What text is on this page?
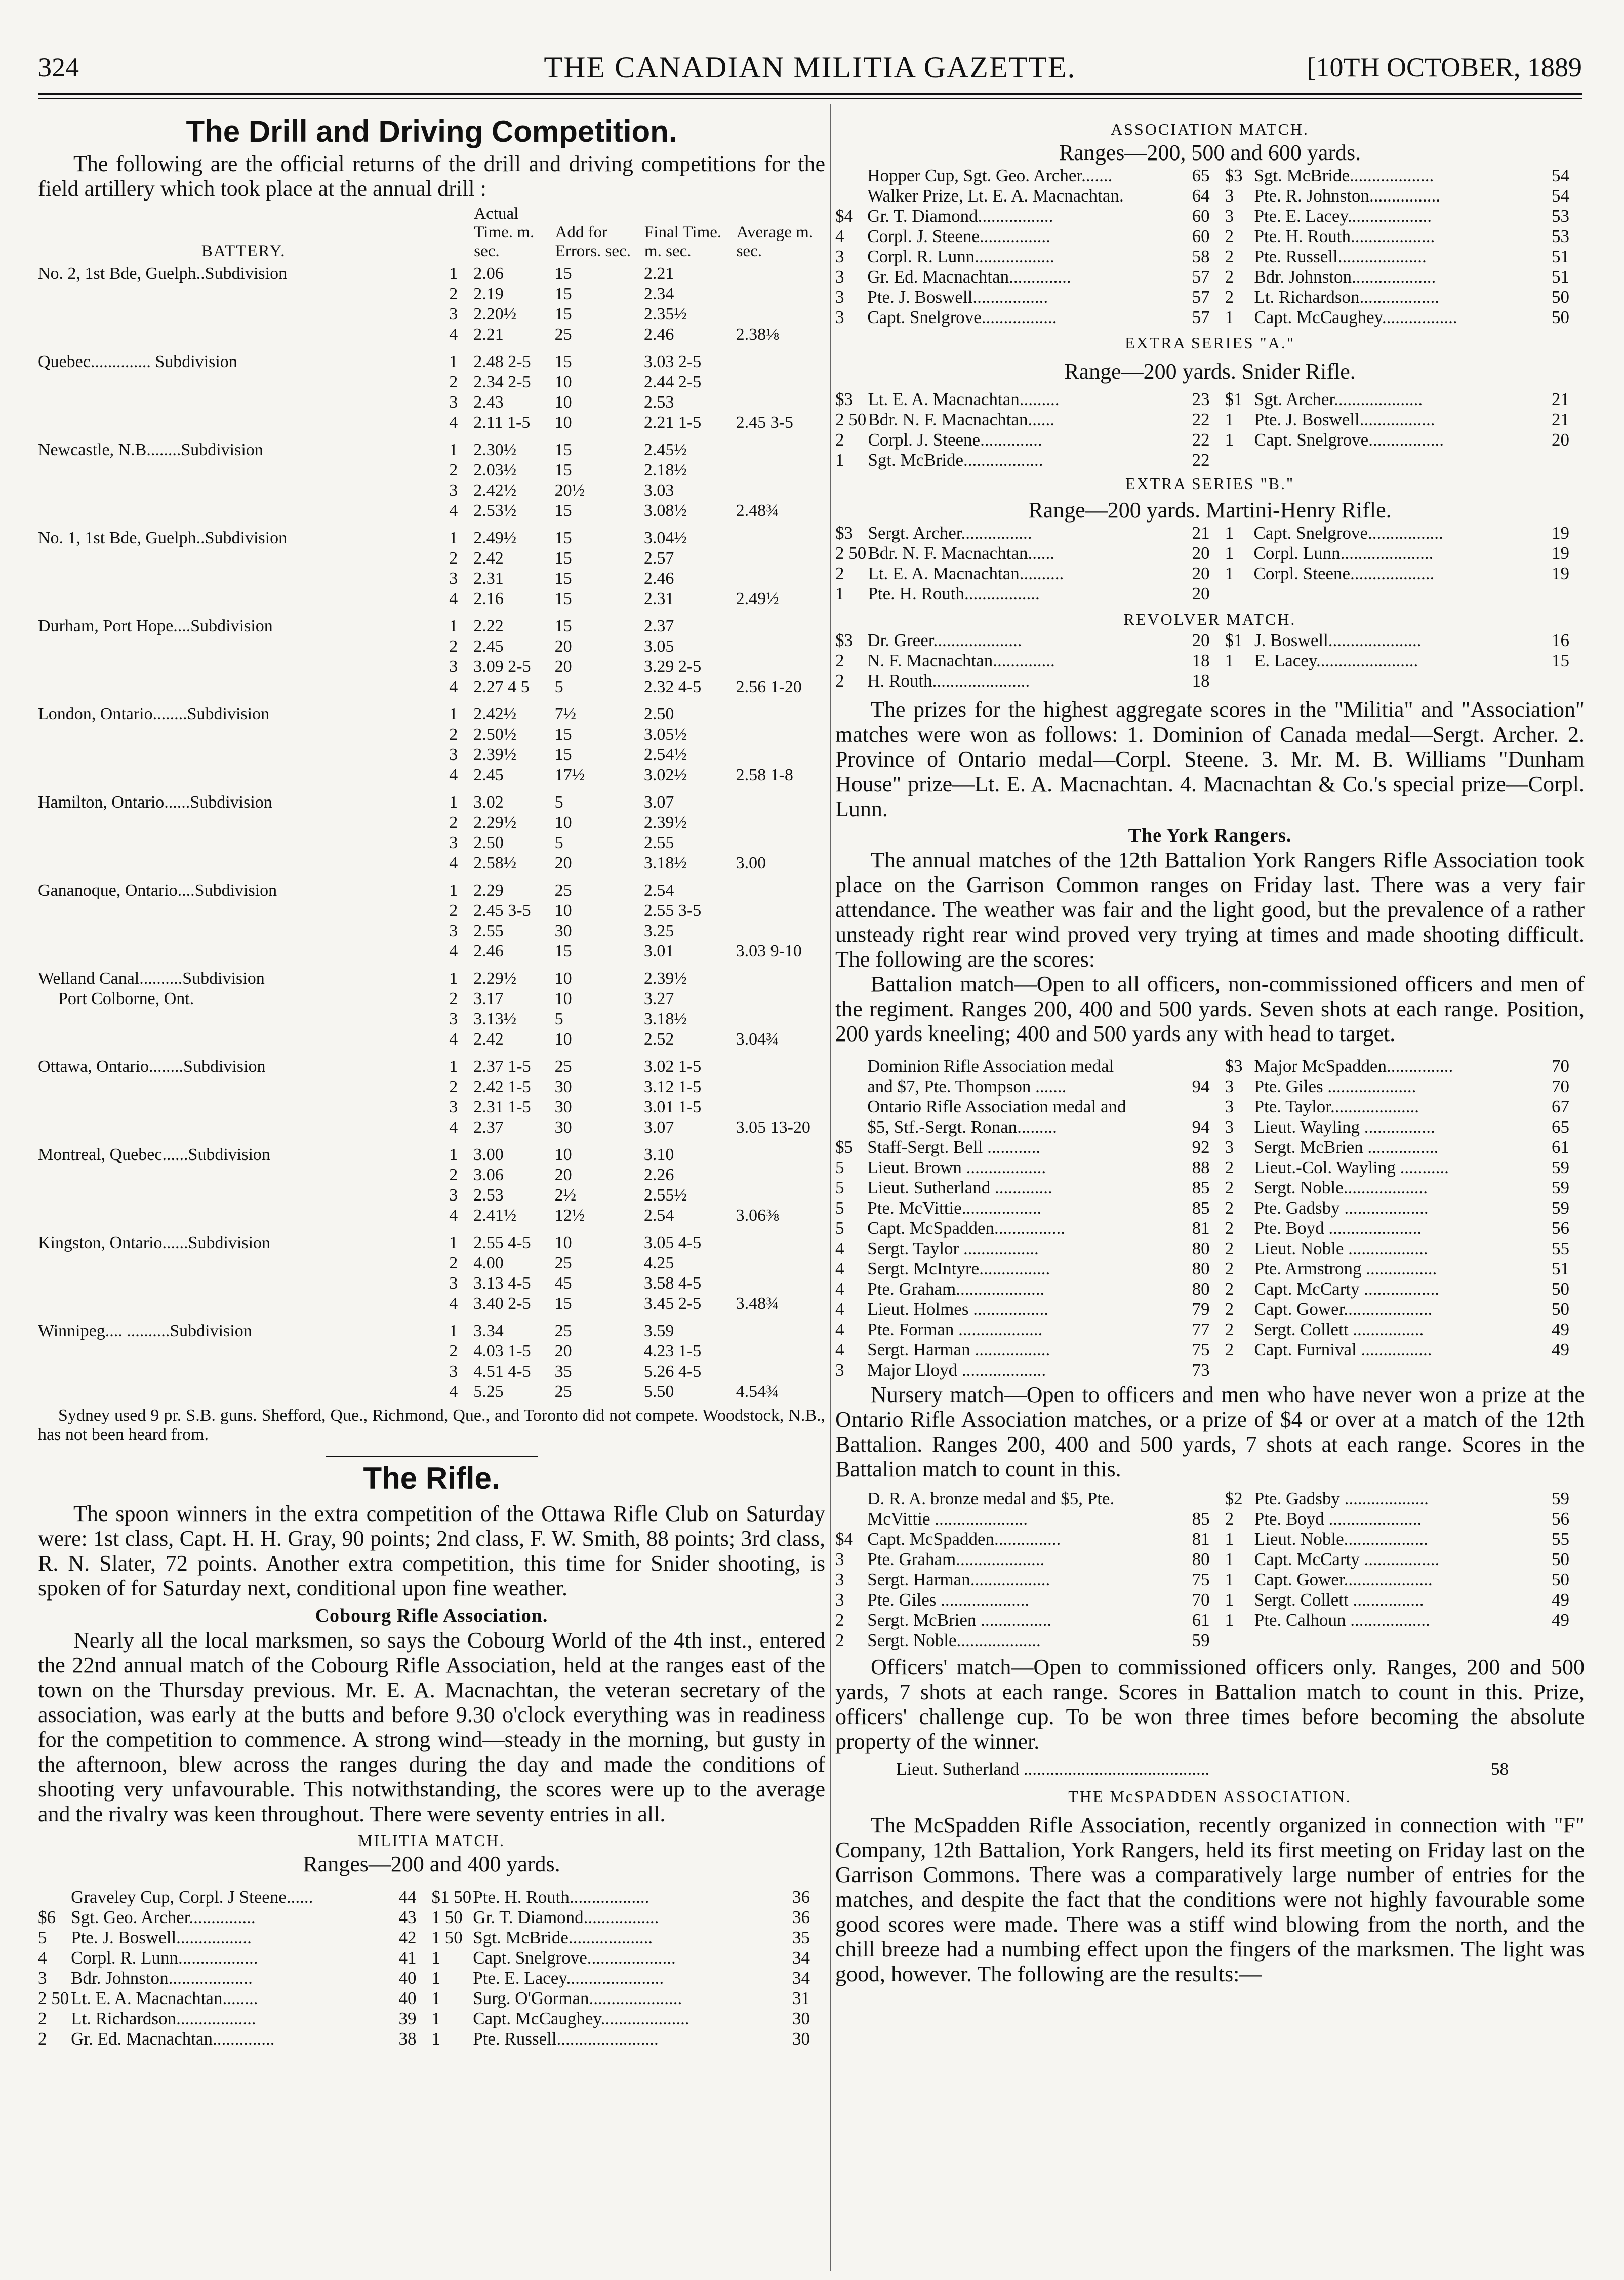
324	THE CANADIAN MILITIA GAZETTE.	[10TH OCTOBER, 1889
The Drill and Driving Competition.

The following are the official returns of the drill and driving competitions for the field artillery which took place at the annual drill :

BATTERY.		Actual Time. m. sec.	Add for Errors. sec.	Final Time. m. sec.	Average m. sec.
No. 2, 1st Bde, Guelph..Subdivision	1	2.06	15	2.21	
	2	2.19	15	2.34	
	3	2.20½	15	2.35½	
	4	2.21	25	2.46	2.38⅛
Quebec.............. Subdivision	1	2.48 2-5	15	3.03 2-5	
	2	2.34 2-5	10	2.44 2-5	
	3	2.43	10	2.53	
	4	2.11 1-5	10	2.21 1-5	2.45 3-5
Newcastle, N.B........Subdivision	1	2.30½	15	2.45½	
	2	2.03½	15	2.18½	
	3	2.42½	20½	3.03	
	4	2.53½	15	3.08½	2.48¾
No. 1, 1st Bde, Guelph..Subdivision	1	2.49½	15	3.04½	
	2	2.42	15	2.57	
	3	2.31	15	2.46	
	4	2.16	15	2.31	2.49½
Durham, Port Hope....Subdivision	1	2.22	15	2.37	
	2	2.45	20	3.05	
	3	3.09 2-5	20	3.29 2-5	
	4	2.27 4 5	5	2.32 4-5	2.56 1-20
London, Ontario........Subdivision	1	2.42½	7½	2.50	
	2	2.50½	15	3.05½	
	3	2.39½	15	2.54½	
	4	2.45	17½	3.02½	2.58 1-8
Hamilton, Ontario......Subdivision	1	3.02	5	3.07	
	2	2.29½	10	2.39½	
	3	2.50	5	2.55	
	4	2.58½	20	3.18½	3.00
Gananoque, Ontario....Subdivision	1	2.29	25	2.54	
	2	2.45 3-5	10	2.55 3-5	
	3	2.55	30	3.25	
	4	2.46	15	3.01	3.03 9-10
Welland Canal..........Subdivision	1	2.29½	10	2.39½	
Port Colborne, Ont.	2	3.17	10	3.27	
	3	3.13½	5	3.18½	
	4	2.42	10	2.52	3.04¾
Ottawa, Ontario........Subdivision	1	2.37 1-5	25	3.02 1-5	
	2	2.42 1-5	30	3.12 1-5	
	3	2.31 1-5	30	3.01 1-5	
	4	2.37	30	3.07	3.05 13-20
Montreal, Quebec......Subdivision	1	3.00	10	3.10	
	2	3.06	20	2.26	
	3	2.53	2½	2.55½	
	4	2.41½	12½	2.54	3.06⅜
Kingston, Ontario......Subdivision	1	2.55 4-5	10	3.05 4-5	
	2	4.00	25	4.25	
	3	3.13 4-5	45	3.58 4-5	
	4	3.40 2-5	15	3.45 2-5	3.48¾
Winnipeg.... ..........Subdivision	1	3.34	25	3.59	
	2	4.03 1-5	20	4.23 1-5	
	3	4.51 4-5	35	5.26 4-5	
	4	5.25	25	5.50	4.54¾

Sydney used 9 pr. S.B. guns. Shefford, Que., Richmond, Que., and Toronto did not compete. Woodstock, N.B., has not been heard from.

The Rifle.

The spoon winners in the extra competition of the Ottawa Rifle Club on Saturday were: 1st class, Capt. H. H. Gray, 90 points; 2nd class, F. W. Smith, 88 points; 3rd class, R. N. Slater, 72 points. Another extra competition, this time for Snider shooting, is spoken of for Saturday next, conditional upon fine weather.

Cobourg Rifle Association.

Nearly all the local marksmen, so says the Cobourg World of the 4th inst., entered the 22nd annual match of the Cobourg Rifle Association, held at the ranges east of the town on the Thursday previous. Mr. E. A. Macnachtan, the veteran secretary of the association, was early at the butts and before 9.30 o'clock everything was in readiness for the competition to commence. A strong wind—steady in the morning, but gusty in the afternoon, blew across the ranges during the day and made the conditions of shooting very unfavourable. This notwithstanding, the scores were up to the average and the rivalry was keen throughout. There were seventy entries in all.

MILITIA MATCH.

Ranges—200 and 400 yards.

	Graveley Cup, Corpl. J Steene......	44
$6	Sgt. Geo. Archer...............	43
5	Pte. J. Boswell.................	42
4	Corpl. R. Lunn..................	41
3	Bdr. Johnston...................	40
2 50	Lt. E. A. Macnachtan........	40
2	Lt. Richardson..................	39
2	Gr. Ed. Macnachtan..............	38

$1 50	Pte. H. Routh..................	36
1 50	Gr. T. Diamond.................	36
1 50	Sgt. McBride...................	35
1	Capt. Snelgrove....................	34
1	Pte. E. Lacey......................	34
1	Surg. O'Gorman.....................	31
1	Capt. McCaughey....................	30
1	Pte. Russell.......................	30

ASSOCIATION MATCH.

Ranges—200, 500 and 600 yards.

	Hopper Cup, Sgt. Geo. Archer.......	65
	Walker Prize, Lt. E. A. Macnachtan.	64
$4	Gr. T. Diamond.................	60
4	Corpl. J. Steene................	60
3	Corpl. R. Lunn..................	58
3	Gr. Ed. Macnachtan..............	57
3	Pte. J. Boswell.................	57
3	Capt. Snelgrove.................	57

$3	Sgt. McBride...................	54
3	Pte. R. Johnston................	54
3	Pte. E. Lacey...................	53
2	Pte. H. Routh...................	53
2	Pte. Russell....................	51
2	Bdr. Johnston...................	51
2	Lt. Richardson..................	50
1	Capt. McCaughey.................	50

EXTRA SERIES "A."

Range—200 yards. Snider Rifle.

$3	Lt. E. A. Macnachtan.........	23
2 50	Bdr. N. F. Macnachtan......	22
2	Corpl. J. Steene..............	22
1	Sgt. McBride..................	22

$1	Sgt. Archer....................	21
1	Pte. J. Boswell.................	21
1	Capt. Snelgrove.................	20

EXTRA SERIES "B."

Range—200 yards. Martini-Henry Rifle.

$3	Sergt. Archer................	21
2 50	Bdr. N. F. Macnachtan......	20
2	Lt. E. A. Macnachtan..........	20
1	Pte. H. Routh.................	20

1	Capt. Snelgrove.................	19
1	Corpl. Lunn.....................	19
1	Corpl. Steene...................	19

REVOLVER MATCH.

$3	Dr. Greer....................	20
2	N. F. Macnachtan..............	18
2	H. Routh......................	18

$1	J. Boswell.....................	16
1	E. Lacey.......................	15

The prizes for the highest aggregate scores in the "Militia" and "Association" matches were won as follows: 1. Dominion of Canada medal—Sergt. Archer. 2. Province of Ontario medal—Corpl. Steene. 3. Mr. M. B. Williams "Dunham House" prize—Lt. E. A. Macnachtan. 4. Macnachtan & Co.'s special prize—Corpl. Lunn.

The York Rangers.

The annual matches of the 12th Battalion York Rangers Rifle Association took place on the Garrison Common ranges on Friday last. There was a very fair attendance. The weather was fair and the light good, but the prevalence of a rather unsteady right rear wind proved very trying at times and made shooting difficult. The following are the scores:

Battalion match—Open to all officers, non-commissioned officers and men of the regiment. Ranges 200, 400 and 500 yards. Seven shots at each range. Position, 200 yards kneeling; 400 and 500 yards any with head to target.

	Dominion Rifle Association medal	
	and $7, Pte. Thompson .......	94
	Ontario Rifle Association medal and	
	$5, Stf.-Sergt. Ronan.........	94
$5	Staff-Sergt. Bell ............	92
5	Lieut. Brown ..................	88
5	Lieut. Sutherland .............	85
5	Pte. McVittie..................	85
5	Capt. McSpadden................	81
4	Sergt. Taylor .................	80
4	Sergt. McIntyre................	80
4	Pte. Graham....................	80
4	Lieut. Holmes .................	79
4	Pte. Forman ...................	77
4	Sergt. Harman .................	75
3	Major Lloyd ...................	73

$3	Major McSpadden...............	70
3	Pte. Giles ....................	70
3	Pte. Taylor....................	67
3	Lieut. Wayling ................	65
3	Sergt. McBrien ................	61
2	Lieut.-Col. Wayling ...........	59
2	Sergt. Noble...................	59
2	Pte. Gadsby ...................	59
2	Pte. Boyd .....................	56
2	Lieut. Noble ..................	55
2	Pte. Armstrong ................	51
2	Capt. McCarty .................	50
2	Capt. Gower....................	50
2	Sergt. Collett ................	49
2	Capt. Furnival ................	49

Nursery match—Open to officers and men who have never won a prize at the Ontario Rifle Association matches, or a prize of $4 or over at a match of the 12th Battalion. Ranges 200, 400 and 500 yards, 7 shots at each range. Scores in the Battalion match to count in this.

	D. R. A. bronze medal and $5, Pte.	
	McVittie .....................	85
$4	Capt. McSpadden...............	81
3	Pte. Graham....................	80
3	Sergt. Harman..................	75
3	Pte. Giles ....................	70
2	Sergt. McBrien ................	61
2	Sergt. Noble...................	59

$2	Pte. Gadsby ...................	59
2	Pte. Boyd .....................	56
1	Lieut. Noble...................	55
1	Capt. McCarty .................	50
1	Capt. Gower....................	50
1	Sergt. Collett ................	49
1	Pte. Calhoun ..................	49

Officers' match—Open to commissioned officers only. Ranges, 200 and 500 yards, 7 shots at each range. Scores in Battalion match to count in this. Prize, officers' challenge cup. To be won three times before becoming the absolute property of the winner.

Lieut. Sutherland ..........................................	58

THE McSPADDEN ASSOCIATION.

The McSpadden Rifle Association, recently organized in connection with "F" Company, 12th Battalion, York Rangers, held its first meeting on Friday last on the Garrison Commons. There was a comparatively large number of entries for the matches, and despite the fact that the conditions were not highly favourable some good scores were made. There was a stiff wind blowing from the north, and the chill breeze had a numbing effect upon the fingers of the marksmen. The light was good, however. The following are the results:—
